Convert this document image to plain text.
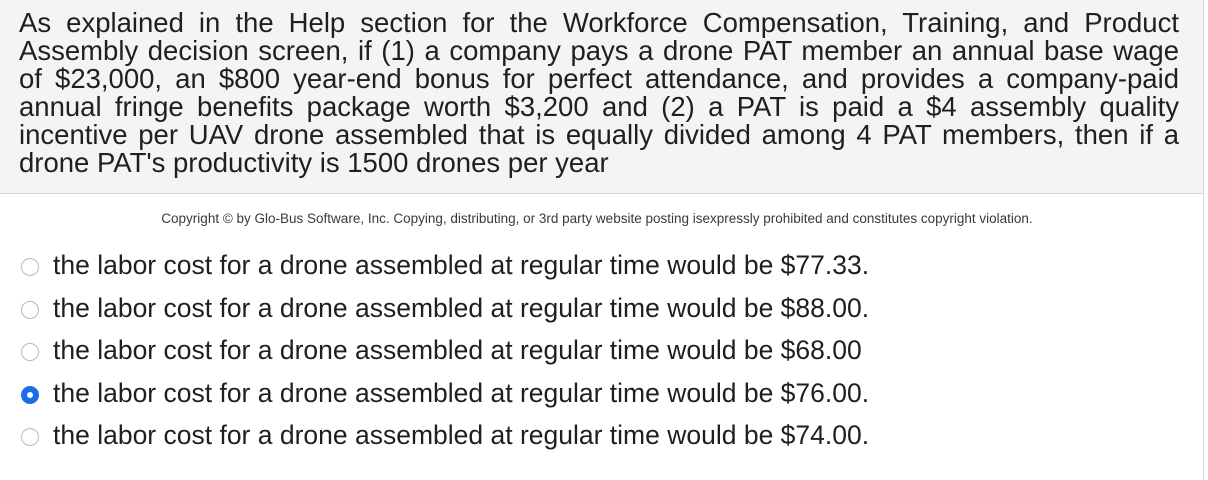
As explained in the Help section for the Workforce Compensation, Training, and Product Assembly decision screen, if (1) a company pays a drone PAT member an annual base wage of $23,000, an $800 year-end bonus for perfect attendance, and provides a company-paid annual fringe benefits package worth $3,200 and (2) a PAT is paid a $4 assembly quality incentive per UAV drone assembled that is equally divided among 4 PAT members, then if a drone PAT's productivity is 1500 drones per year

Copyright © by Glo-Bus Software, Inc. Copying, distributing, or 3rd party website posting isexpressly prohibited and constitutes copyright violation.
the labor cost for a drone assembled at regular time would be $77.33.
the labor cost for a drone assembled at regular time would be $88.00.
the labor cost for a drone assembled at regular time would be $68.00
the labor cost for a drone assembled at regular time would be $76.00.
the labor cost for a drone assembled at regular time would be $74.00.
